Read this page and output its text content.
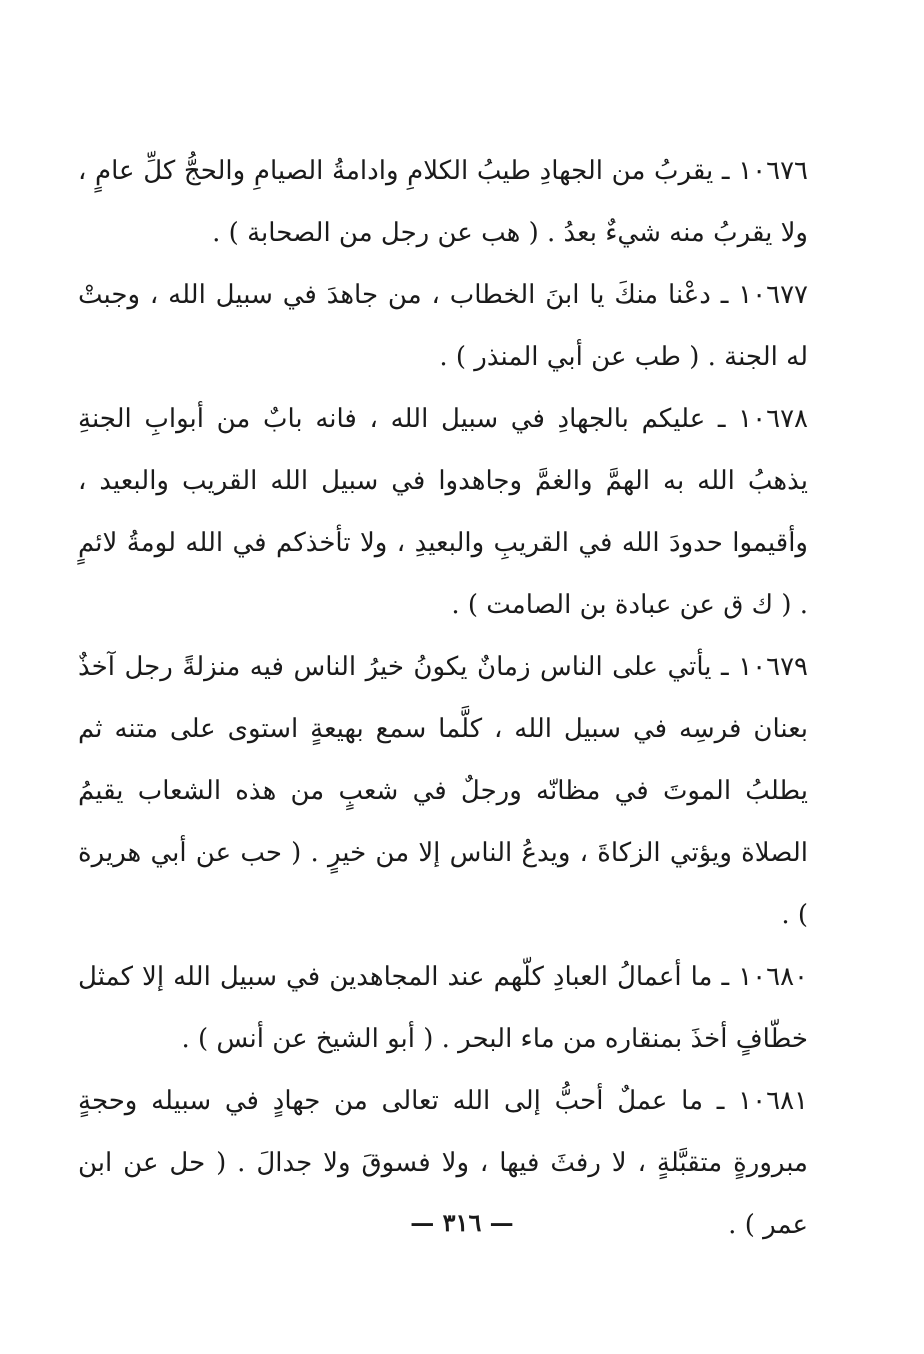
١٠٦٧٦ ـ يقربُ من الجهادِ طيبُ الكلامِ وادامةُ الصيامِ والحجُّ كلِّ عامٍ ، ولا يقربُ منه شيءٌ بعدُ . ( هب عن رجل من الصحابة ) .

١٠٦٧٧ ـ دعْنا منكَ يا ابنَ الخطاب ، من جاهدَ في سبيل الله ، وجبتْ له الجنة . ( طب عن أبي المنذر ) .

١٠٦٧٨ ـ عليكم بالجهادِ في سبيل الله ، فانه بابٌ من أبوابِ الجنةِ يذهبُ الله به الهمَّ والغمَّ وجاهدوا في سبيل الله القريب والبعيد ، وأقيموا حدودَ الله في القريبِ والبعيدِ ، ولا تأخذكم في الله لومةُ لائمٍ . ( ك ق عن عبادة بن الصامت ) .

١٠٦٧٩ ـ يأتي على الناس زمانٌ يكونُ خيرُ الناس فيه منزلةً رجل آخذٌ بعنان فرسِه في سبيل الله ، كلَّما سمع بهيعةٍ استوى على متنه ثم يطلبُ الموتَ في مظانّه ورجلٌ في شعبٍ من هذه الشعاب يقيمُ الصلاة ويؤتي الزكاةَ ، ويدعُ الناس إلا من خيرٍ . ( حب عن أبي هريرة ) .

١٠٦٨٠ ـ ما أعمالُ العبادِ كلّهم عند المجاهدين في سبيل الله إلا كمثل خطّافٍ أخذَ بمنقاره من ماء البحر . ( أبو الشيخ عن أنس ) .

١٠٦٨١ ـ ما عملٌ أحبُّ إلى الله تعالى من جهادٍ في سبيله وحجةٍ مبرورةٍ متقبَّلةٍ ، لا رفثَ فيها ، ولا فسوقَ ولا جدالَ . ( حل عن ابن عمر ) .

— ٣١٦ —
